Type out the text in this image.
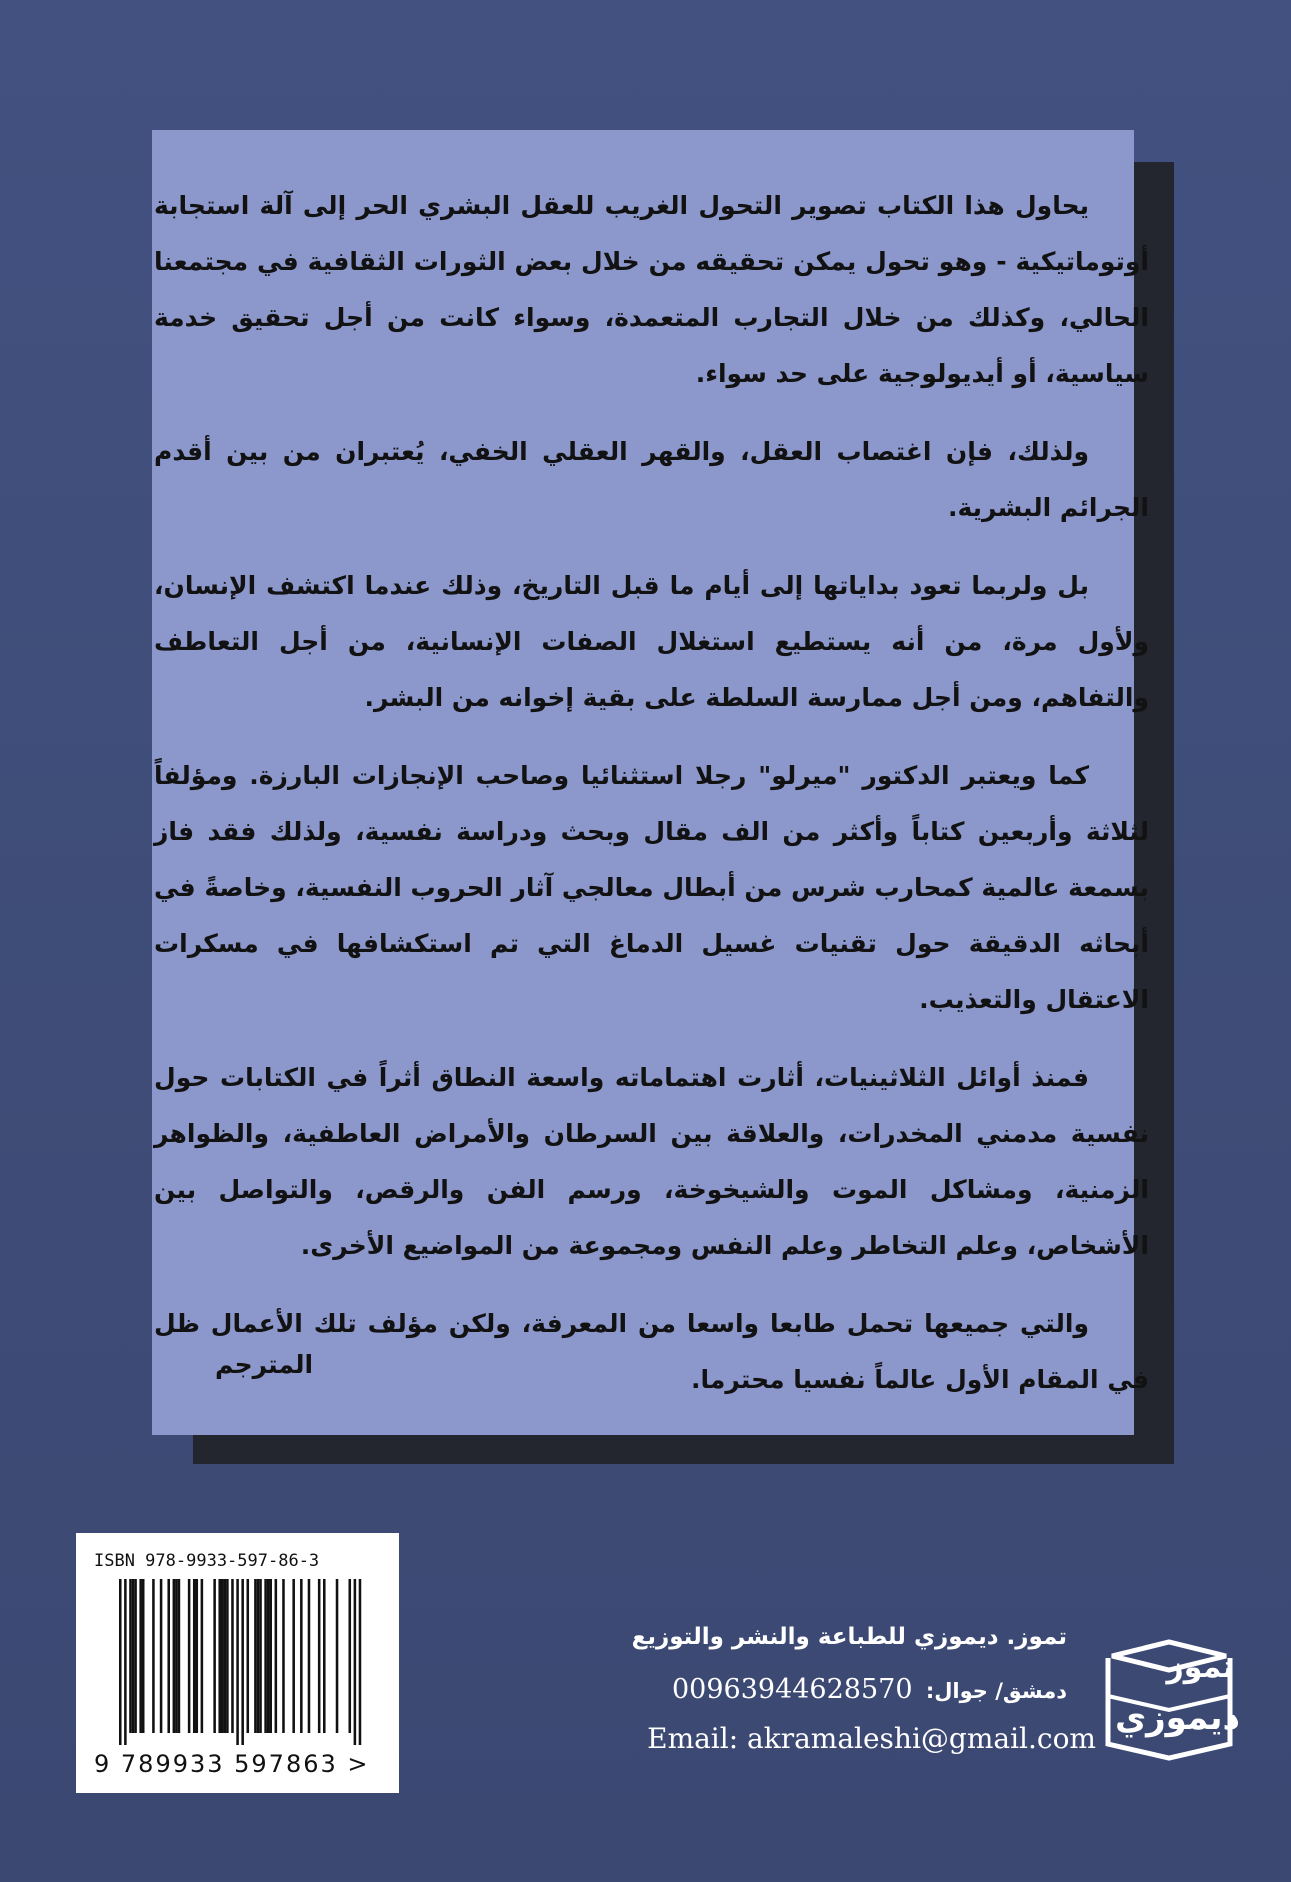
يحاول هذا الكتاب تصوير التحول الغريب للعقل البشري الحر إلى آلة استجابة أوتوماتيكية - وهو تحول يمكن تحقيقه من خلال بعض الثورات الثقافية في مجتمعنا الحالي، وكذلك من خلال التجارب المتعمدة، وسواء كانت من أجل تحقيق خدمة سياسية، أو أيديولوجية على حد سواء.

ولذلك، فإن اغتصاب العقل، والقهر العقلي الخفي، يُعتبران من بين أقدم الجرائم البشرية.

بل ولربما تعود بداياتها إلى أيام ما قبل التاريخ، وذلك عندما اكتشف الإنسان، ولأول مرة، من أنه يستطيع استغلال الصفات الإنسانية، من أجل التعاطف والتفاهم، ومن أجل ممارسة السلطة على بقية إخوانه من البشر.

كما ويعتبر الدكتور "ميرلو" رجلا استثنائيا وصاحب الإنجازات البارزة. ومؤلفاً لثلاثة وأربعين كتاباً وأكثر من الف مقال وبحث ودراسة نفسية، ولذلك فقد فاز بسمعة عالمية كمحارب شرس من أبطال معالجي آثار الحروب النفسية، وخاصةً في أبحاثه الدقيقة حول تقنيات غسيل الدماغ التي تم استكشافها في مسكرات الاعتقال والتعذيب.

فمنذ أوائل الثلاثينيات، أثارت اهتماماته واسعة النطاق أثراً في الكتابات حول نفسية مدمني المخدرات، والعلاقة بين السرطان والأمراض العاطفية، والظواهر الزمنية، ومشاكل الموت والشيخوخة، ورسم الفن والرقص، والتواصل بين الأشخاص، وعلم التخاطر وعلم النفس ومجموعة من المواضيع الأخرى.

والتي جميعها تحمل طابعا واسعا من المعرفة، ولكن مؤلف تلك الأعمال ظل في المقام الأول عالماً نفسيا محترما.

المترجم
ISBN 978-9933-597-86-3
9 789933 597863 >
تموز. ديموزي للطباعة والنشر والتوزيع
دمشق/ جوال: 00963944628570
Email: akramaleshi@gmail.com
تموز
ديموزي
